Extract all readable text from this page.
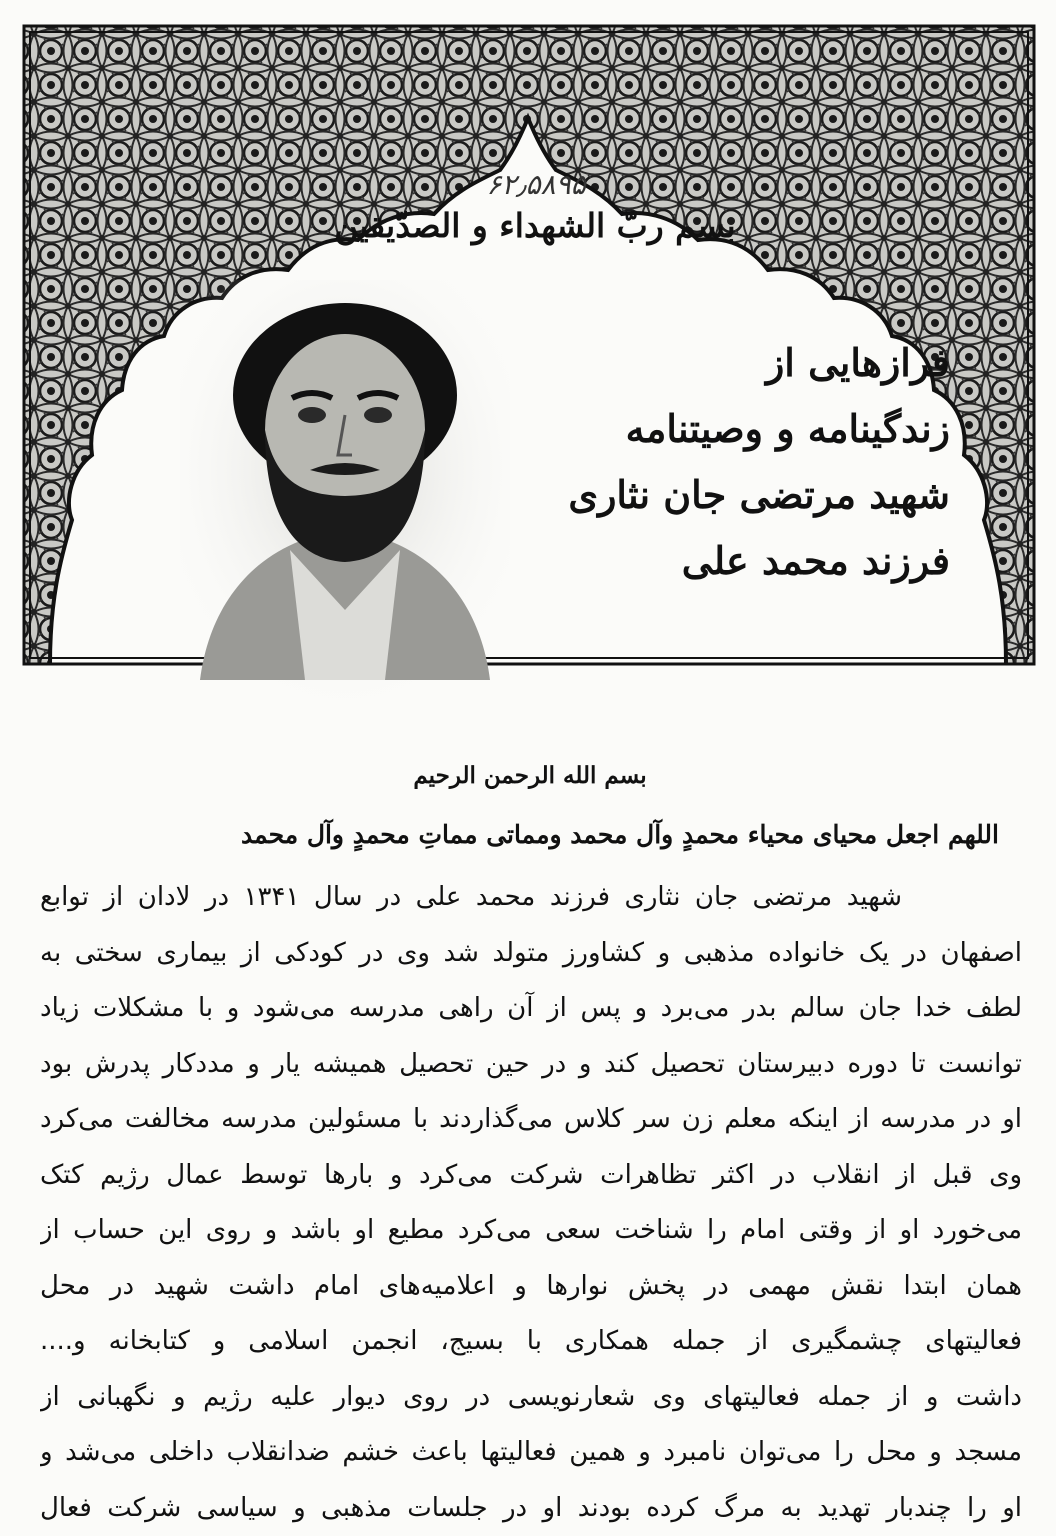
۶۲٫۵۸۹۵
بسم ربّ الشهداء و الصدّیقین
فرازهایی از
زندگینامه و وصیتنامه
شهید مرتضی جان نثاری
فرزند محمد علی
بسم الله الرحمن الرحیم
اللهم اجعل محیای محیاء محمدٍ وآل محمد ومماتی مماتِ محمدٍ وآل محمد
شهید مرتضی جان نثاری فرزند محمد علی در سال ۱۳۴۱ در لادان از توابع
اصفهان در یک خانواده مذهبی و کشاورز متولد شد وی در کودکی از بیماری سختی به
لطف خدا جان سالم بدر می‌برد و پس از آن راهی مدرسه می‌شود و با مشکلات زیاد
توانست تا دوره دبیرستان تحصیل کند و در حین تحصیل همیشه یار و مددکار پدرش بود
او در مدرسه از اینکه معلم زن سر کلاس می‌گذاردند با مسئولین مدرسه مخالفت می‌کرد
وی قبل از انقلاب در اکثر تظاهرات شرکت می‌کرد و بارها توسط عمال رژیم کتک
می‌خورد او از وقتی امام را شناخت سعی می‌کرد مطیع او باشد و روی این حساب از
همان ابتدا نقش مهمی در پخش نوارها و اعلامیه‌های امام داشت شهید در محل
فعالیتهای چشمگیری از جمله همکاری با بسیج، انجمن اسلامی و کتابخانه و....
داشت و از جمله فعالیتهای وی شعارنویسی در روی دیوار علیه رژیم و نگهبانی از
مسجد و محل را می‌توان نامبرد و همین فعالیتها باعث خشم ضدانقلاب داخلی می‌شد و
او را چندبار تهدید به مرگ کرده بودند او در جلسات مذهبی و سیاسی شرکت فعال
